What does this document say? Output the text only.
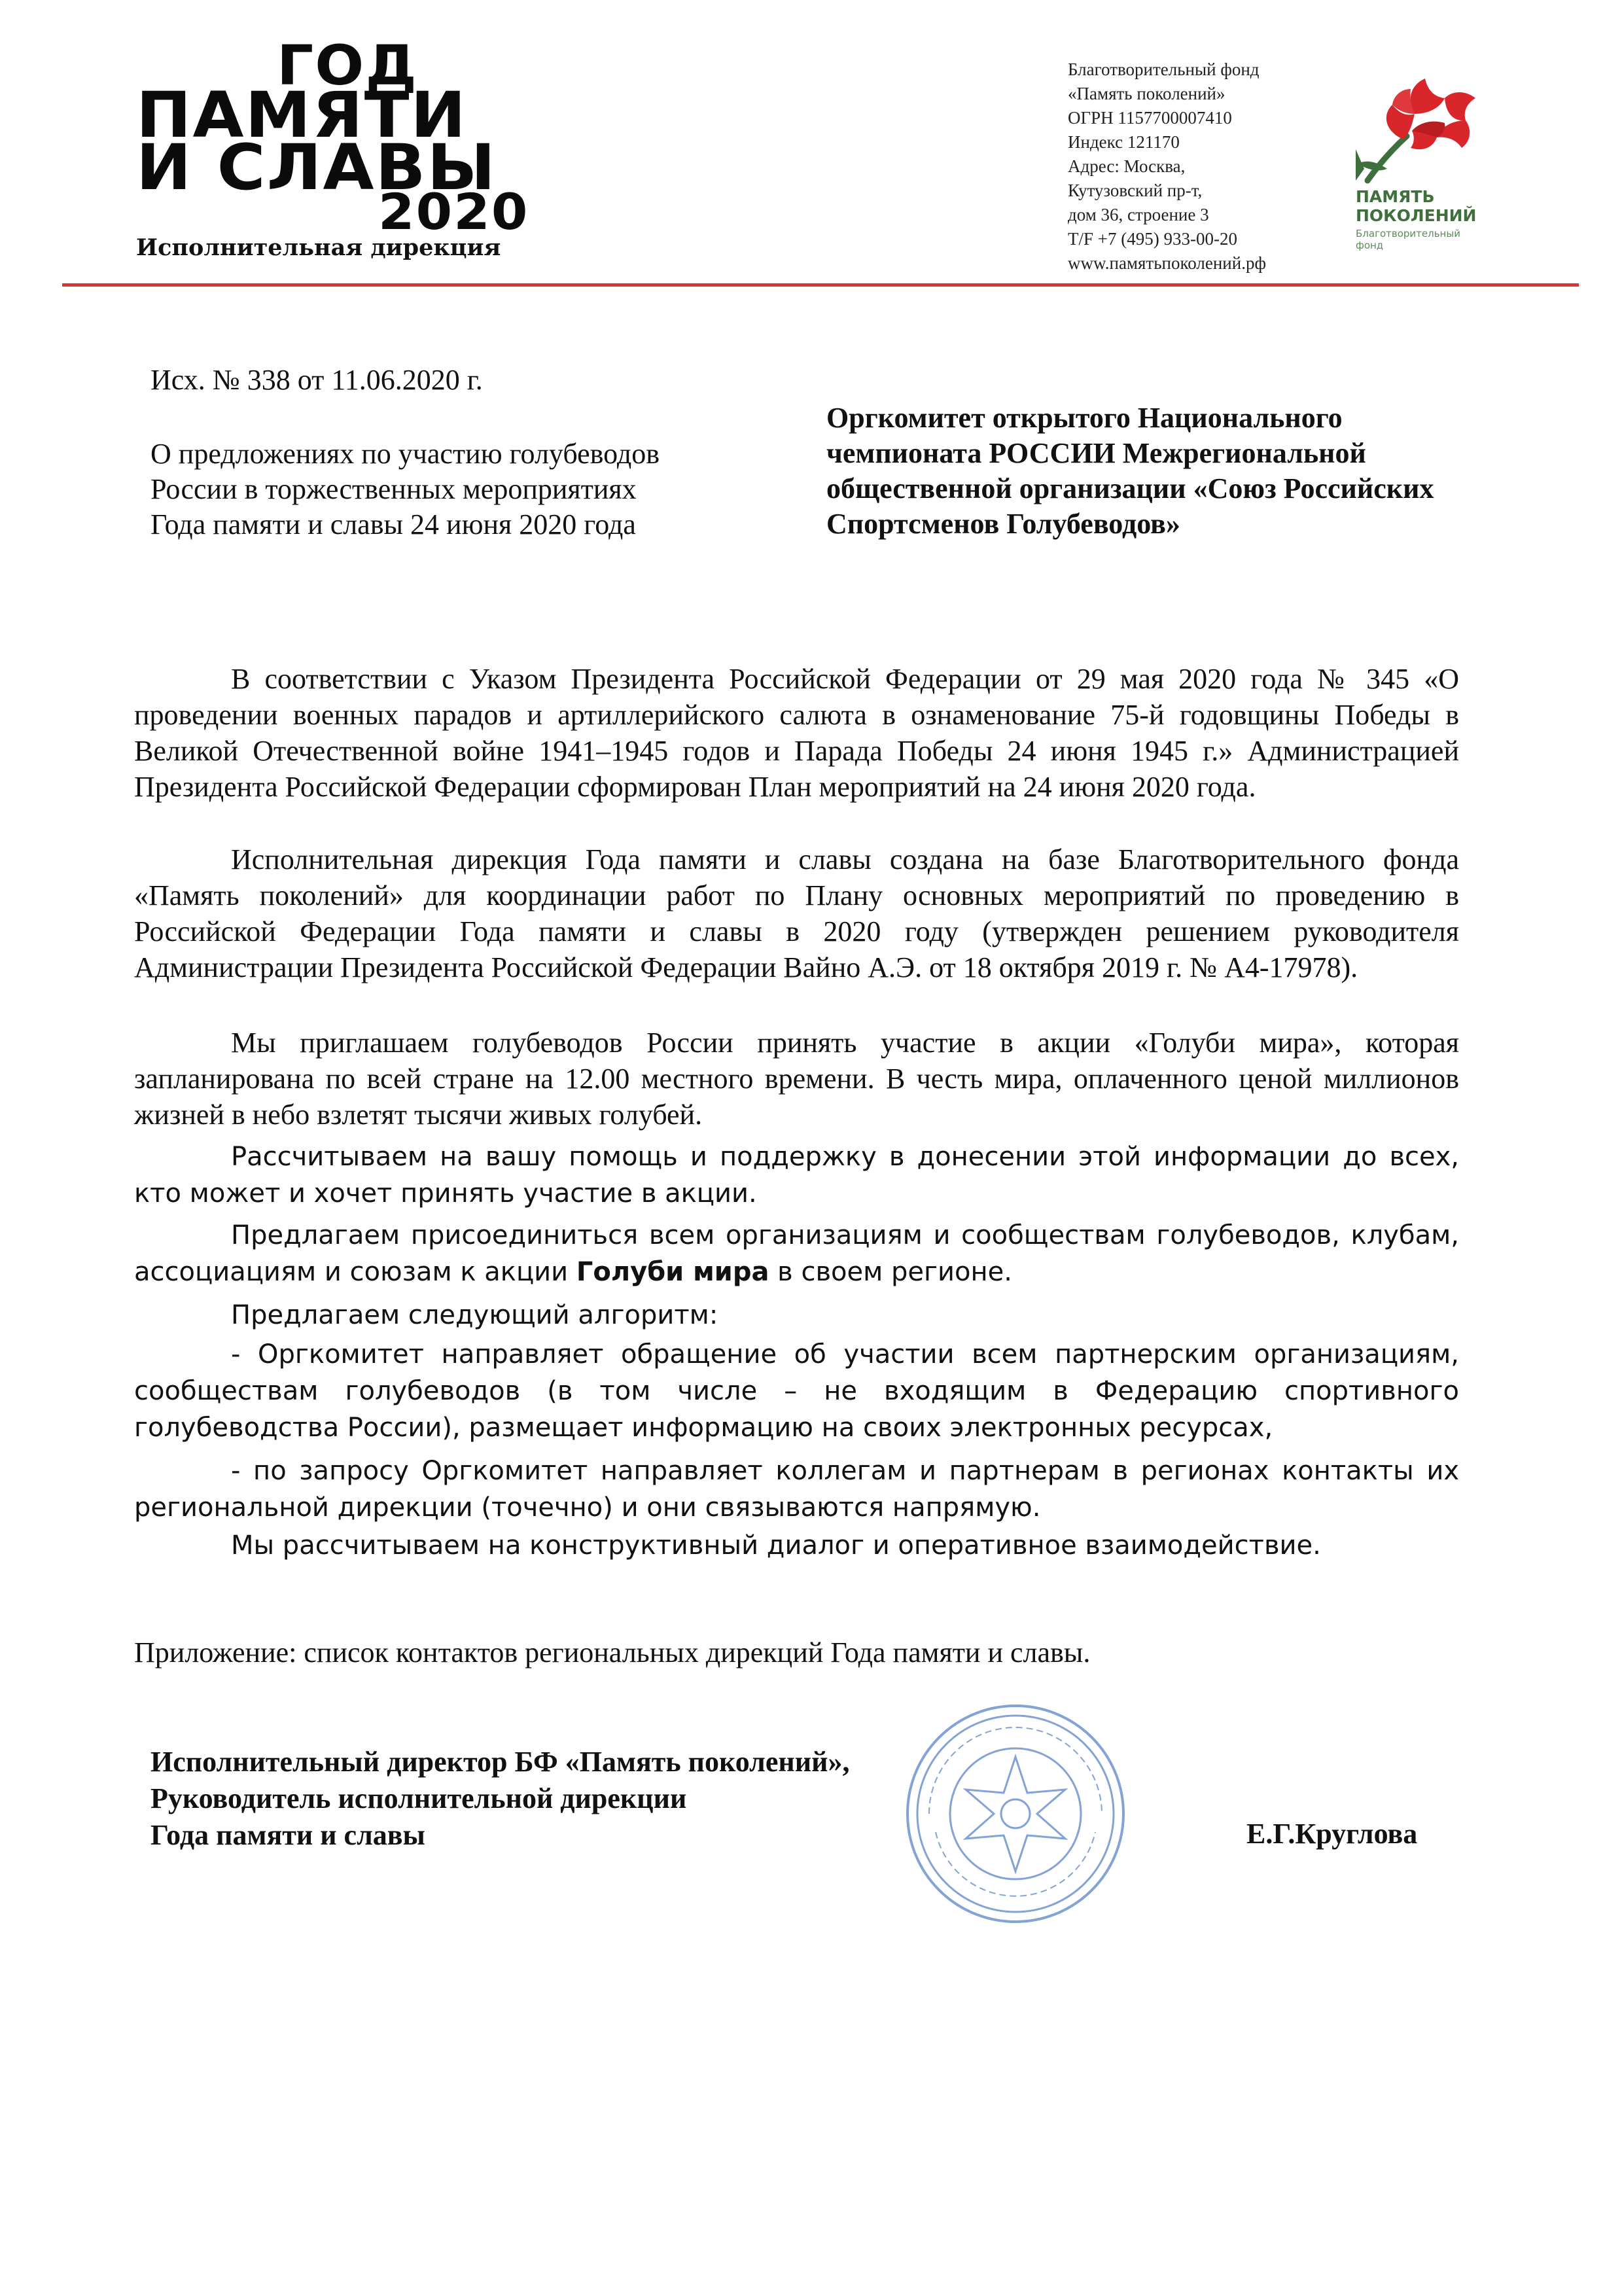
ГОД
ПАМЯТИ
И СЛАВЫ
2020
Исполнительная дирекция
Благотворительный фонд
«Память поколений»
ОГРН 1157700007410
Индекс 121170
Адрес: Москва,
Кутузовский пр-т,
дом 36, строение 3
T/F +7 (495) 933-00-20
www.памятьпоколений.рф
ПАМЯТЬ
ПОКОЛЕНИЙ
Благотворительный
фонд
Исх. № 338 от 11.06.2020 г.
О предложениях по участию голубеводов
России в торжественных мероприятиях
Года памяти и славы 24 июня 2020 года
Оргкомитет открытого Национального
чемпионата РОССИИ Межрегиональной
общественной организации «Союз Российских
Спортсменов Голубеводов»
В соответствии с Указом Президента Российской Федерации от 29 мая 2020 года № 345 «О проведении военных парадов и артиллерийского салюта в ознаменование 75-й годовщины Победы в Великой Отечественной войне 1941–1945 годов и Парада Победы 24 июня 1945 г.» Администрацией Президента Российской Федерации сформирован План мероприятий на 24 июня 2020 года.
Исполнительная дирекция Года памяти и славы создана на базе Благотворительного фонда «Память поколений» для координации работ по Плану основных мероприятий по проведению в Российской Федерации Года памяти и славы в 2020 году (утвержден решением руководителя Администрации Президента Российской Федерации Вайно А.Э. от 18 октября 2019 г. № А4-17978).
Мы приглашаем голубеводов России принять участие в акции «Голуби мира», которая запланирована по всей стране на 12.00 местного времени. В честь мира, оплаченного ценой миллионов жизней в небо взлетят тысячи живых голубей.
Рассчитываем на вашу помощь и поддержку в донесении этой информации до всех, кто может и хочет принять участие в акции.
Предлагаем присоединиться всем организациям и сообществам голубеводов, клубам, ассоциациям и союзам к акции Голуби мира в своем регионе.
Предлагаем следующий алгоритм:
- Оргкомитет направляет обращение об участии всем партнерским организациям, сообществам голубеводов (в том числе – не входящим в Федерацию спортивного голубеводства России), размещает информацию на своих электронных ресурсах,
- по запросу Оргкомитет направляет коллегам и партнерам в регионах контакты их региональной дирекции (точечно) и они связываются напрямую.
Мы рассчитываем на конструктивный диалог и оперативное взаимодействие.
Приложение: список контактов региональных дирекций Года памяти и славы.
Исполнительный директор БФ «Память поколений»,
Руководитель исполнительной дирекции
Года памяти и славы	Е.Г.Круглова
